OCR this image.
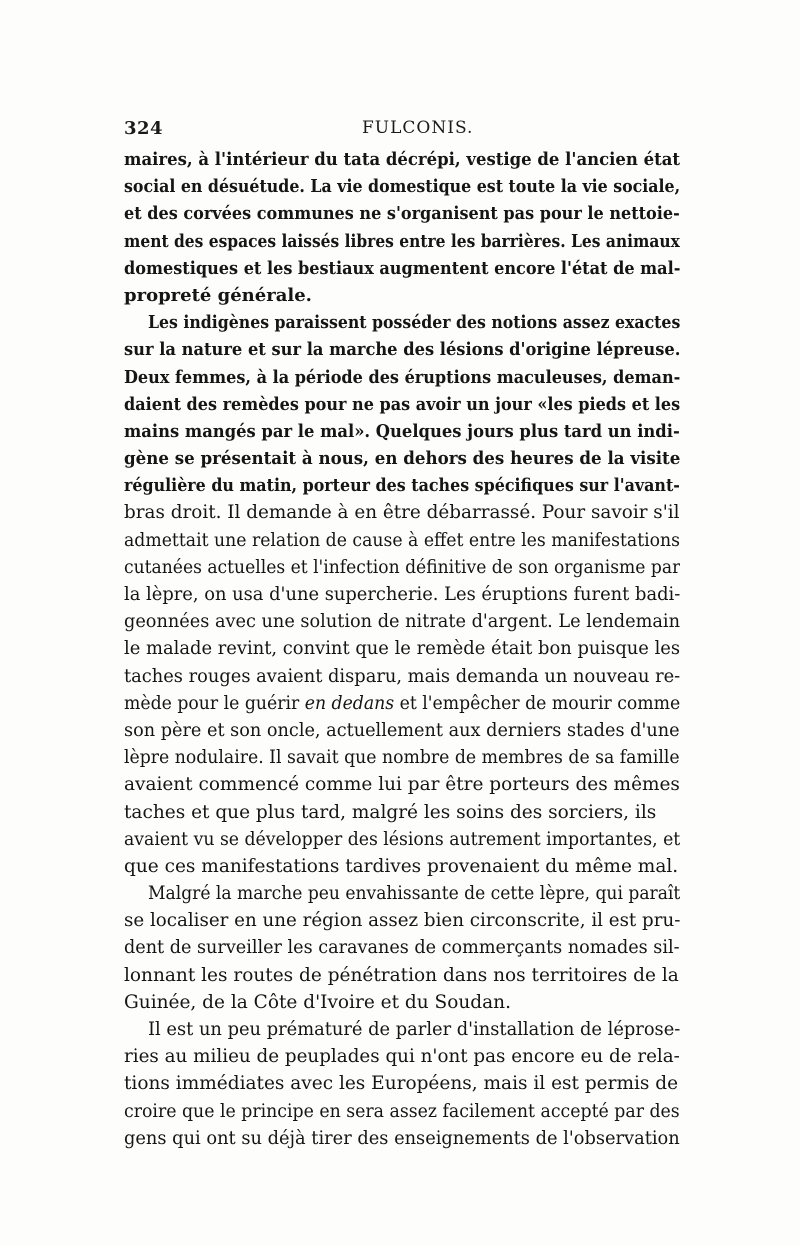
324	FULCONIS.
maires, à l'intérieur du tata décrépi, vestige de l'ancien état
social en désuétude. La vie domestique est toute la vie sociale,
et des corvées communes ne s'organisent pas pour le nettoie-
ment des espaces laissés libres entre les barrières. Les animaux
domestiques et les bestiaux augmentent encore l'état de mal-
propreté générale.
Les indigènes paraissent posséder des notions assez exactes
sur la nature et sur la marche des lésions d'origine lépreuse.
Deux femmes, à la période des éruptions maculeuses, deman-
daient des remèdes pour ne pas avoir un jour «les pieds et les
mains mangés par le mal». Quelques jours plus tard un indi-
gène se présentait à nous, en dehors des heures de la visite
régulière du matin, porteur des taches spécifiques sur l'avant-
bras droit. Il demande à en être débarrassé. Pour savoir s'il
admettait une relation de cause à effet entre les manifestations
cutanées actuelles et l'infection définitive de son organisme par
la lèpre, on usa d'une supercherie. Les éruptions furent badi-
geonnées avec une solution de nitrate d'argent. Le lendemain
le malade revint, convint que le remède était bon puisque les
taches rouges avaient disparu, mais demanda un nouveau re-
mède pour le guérir en dedans et l'empêcher de mourir comme
son père et son oncle, actuellement aux derniers stades d'une
lèpre nodulaire. Il savait que nombre de membres de sa famille
avaient commencé comme lui par être porteurs des mêmes
taches et que plus tard, malgré les soins des sorciers, ils
avaient vu se développer des lésions autrement importantes, et
que ces manifestations tardives provenaient du même mal.
Malgré la marche peu envahissante de cette lèpre, qui paraît
se localiser en une région assez bien circonscrite, il est pru-
dent de surveiller les caravanes de commerçants nomades sil-
lonnant les routes de pénétration dans nos territoires de la
Guinée, de la Côte d'Ivoire et du Soudan.
Il est un peu prématuré de parler d'installation de léprose-
ries au milieu de peuplades qui n'ont pas encore eu de rela-
tions immédiates avec les Européens, mais il est permis de
croire que le principe en sera assez facilement accepté par des
gens qui ont su déjà tirer des enseignements de l'observation
